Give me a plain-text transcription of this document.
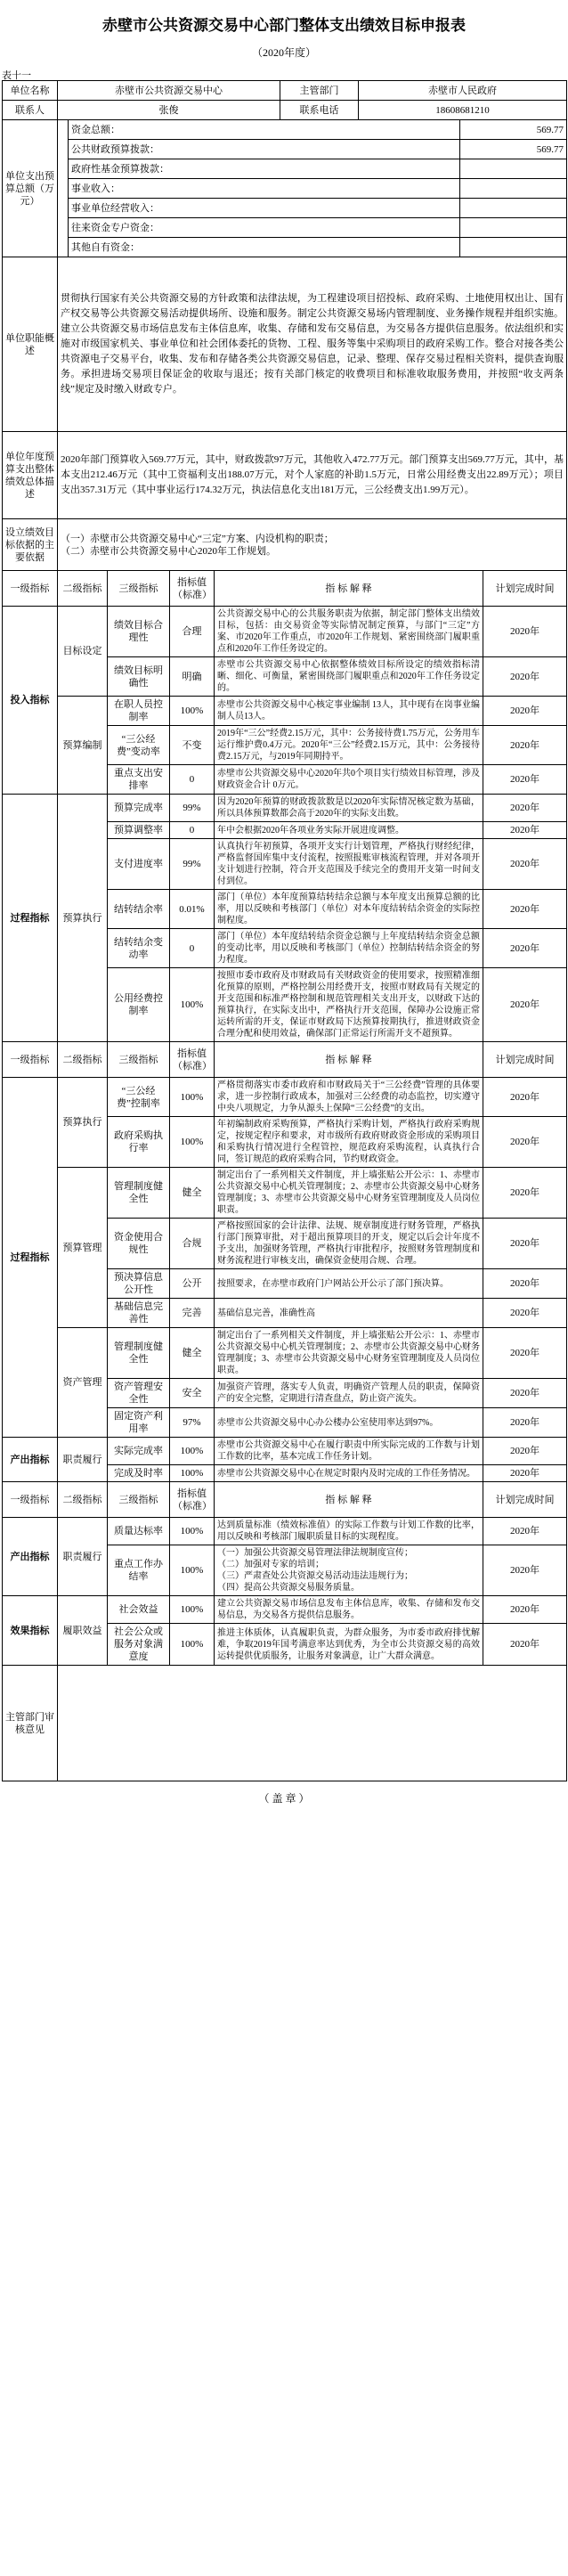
赤壁市公共资源交易中心部门整体支出绩效目标申报表
（2020年度）
表十一
单位名称	赤壁市公共资源交易中心	主管部门	赤壁市人民政府
联系人	张俊	联系电话	18608681210
单位支出预算总额（万元）		资金总额：	569.77
		公共财政预算拨款：	569.77
		政府性基金预算拨款：	
		事业收入：	
		事业单位经营收入：	
		往来资金专户资金：	
		其他自有资金：	
单位职能概述	贯彻执行国家有关公共资源交易的方针政策和法律法规，为工程建设项目招投标、政府采购、土地使用权出让、国有产权交易等公共资源交易活动提供场所、设施和服务。制定公共资源交易场内管理制度、业务操作规程并组织实施。建立公共资源交易市场信息发布主体信息库，收集、存储和发布交易信息，为交易各方提供信息服务。依法组织和实施对市级国家机关、事业单位和社会团体委托的货物、工程、服务等集中采购项目的政府采购工作。整合对接各类公共资源电子交易平台，收集、发布和存储各类公共资源交易信息，记录、整理、保存交易过程相关资料，提供查询服务。承担进场交易项目保证金的收取与退还；按有关部门核定的收费项目和标准收取服务费用，并按照“收支两条线”规定及时缴入财政专户。
单位年度预算支出整体绩效总体描述	2020年部门预算收入569.77万元，其中，财政拨款97万元，其他收入472.77万元。部门预算支出569.77万元，其中，基本支出212.46万元（其中工资福利支出188.07万元，对个人家庭的补助1.5万元，日常公用经费支出22.89万元）；项目支出357.31万元（其中事业运行174.32万元，执法信息化支出181万元，三公经费支出1.99万元）。
设立绩效目标依据的主要依据	（一）赤壁市公共资源交易中心“三定”方案、内设机构的职责；
（二）赤壁市公共资源交易中心2020年工作规划。
一级指标	二级指标	三级指标	指标值（标准）	指 标 解 释	计划完成时间
投入指标	目标设定	绩效目标合理性	合理	公共资源交易中心的公共服务职责为依据，制定部门整体支出绩效目标，包括：由交易资金等实际情况制定预算，与部门“三定”方案、市2020年工作重点，市2020年工作规划、紧密围绕部门履职重点和2020年工作任务设定的。	2020年
		绩效目标明确性	明确	赤壁市公共资源交易中心依据整体绩效目标所设定的绩效指标清晰、细化、可衡量，紧密围绕部门履职重点和2020年工作任务设定的。	2020年
	预算编制	在职人员控制率	100%	赤壁市公共资源交易中心核定事业编制 13人，其中现有在岗事业编制人员13人。	2020年
		“三公经费”变动率	不变	2019年“三公”经费2.15万元，其中：公务接待费1.75万元，公务用车运行维护费0.4万元。2020年“三公”经费2.15万元，其中：公务接待费2.15万元，与2019年同期持平。	2020年
		重点支出安排率	0	赤壁市公共资源交易中心2020年共0个项目实行绩效目标管理，涉及财政资金合计 0万元。	2020年
过程指标	预算执行	预算完成率	99%	因为2020年预算的财政拨款数是以2020年实际情况核定数为基础，所以具体预算数都会高于2020年的实际支出数。	2020年
		预算调整率	0	年中会根据2020年各项业务实际开展进度调整。	2020年
		支付进度率	99%	认真执行年初预算，各项开支实行计划管理，严格执行财经纪律，严格监督国库集中支付流程，按照报账审核流程管理，并对各项开支计划进行控制，符合开支范围及手续完全的费用开支第一时间支付到位。	2020年
		结转结余率	0.01%	部门（单位）本年度预算结转结余总额与本年度支出预算总额的比率，用以反映和考核部门（单位）对本年度结转结余资金的实际控制程度。	2020年
		结转结余变动率	0	部门（单位）本年度结转结余资金总额与上年度结转结余资金总额的变动比率，用以反映和考核部门（单位）控制结转结余资金的努力程度。	2020年
		公用经费控制率	100%	按照市委市政府及市财政局有关财政资金的使用要求，按照精准细化预算的原则，严格控制公用经费开支，按照市财政局有关规定的开支范围和标准严格控制和规范管理相关支出开支，以财政下达的预算执行，在实际支出中，严格执行开支范围，保障办公设施正常运转所需的开支，保证市财政局下达预算按期执行，推进财政资金合理分配和使用效益，确保部门正常运行所需开支不超预算。	2020年
一级指标	二级指标	三级指标	指标值（标准）	指 标 解 释	计划完成时间
过程指标	预算执行	“三公经费”控制率	100%	严格贯彻落实市委市政府和市财政局关于“三公经费”管理的具体要求，进一步控制行政成本，加强对三公经费的动态监控，切实遵守中央八项规定，力争从源头上保障“三公经费”的支出。	2020年
		政府采购执行率	100%	年初编制政府采购预算，严格执行采购计划，严格执行政府采购规定，按规定程序和要求，对市级所有政府财政资金形成的采购项目和采购执行情况进行全程管控，规范政府采购流程，认真执行合同，签订规范的政府采购合同，节约财政资金。	2020年
	预算管理	管理制度健全性	健全	制定出台了一系列相关文件制度，并上墙张贴公开公示：1、赤壁市公共资源交易中心机关管理制度；2、赤壁市公共资源交易中心财务管理制度；3、赤壁市公共资源交易中心财务室管理制度及人员岗位职责。	2020年
		资金使用合规性	合规	严格按照国家的会计法律、法规、规章制度进行财务管理，严格执行部门预算审批，对于超出预算项目的开支，规定以后会计年度不予支出，加强财务管理，严格执行审批程序，按照财务管理制度和财务流程进行审核支出，确保资金使用合规、合理。	2020年
		预决算信息公开性	公开	按照要求，在赤壁市政府门户网站公开公示了部门预决算。	2020年
		基础信息完善性	完善	基础信息完善，准确性高	2020年
	资产管理	管理制度健全性	健全	制定出台了一系列相关文件制度，并上墙张贴公开公示：1、赤壁市公共资源交易中心机关管理制度；2、赤壁市公共资源交易中心财务管理制度；3、赤壁市公共资源交易中心财务室管理制度及人员岗位职责。	2020年
		资产管理安全性	安全	加强资产管理，落实专人负责，明确资产管理人员的职责，保障资产的安全完整，定期进行清查盘点，防止资产流失。	2020年
		固定资产利用率	97%	赤壁市公共资源交易中心办公楼办公室使用率达到97%。	2020年
产出指标	职责履行	实际完成率	100%	赤壁市公共资源交易中心在履行职责中所实际完成的工作数与计划工作数的比率，基本完成工作任务计划。	2020年
		完成及时率	100%	赤壁市公共资源交易中心在规定时限内及时完成的工作任务情况。	2020年
一级指标	二级指标	三级指标	指标值（标准）	指 标 解 释	计划完成时间
产出指标	职责履行	质量达标率	100%	达到质量标准（绩效标准值）的实际工作数与计划工作数的比率，用以反映和考核部门履职质量目标的实现程度。	2020年
		重点工作办结率	100%	（一）加强公共资源交易管理法律法规制度宣传；
（二）加强对专家的培训；
（三）严肃查处公共资源交易活动违法违规行为；
（四）提高公共资源交易服务质量。	2020年
效果指标	履职效益	社会效益	100%	建立公共资源交易市场信息发布主体信息库，收集、存储和发布交易信息，为交易各方提供信息服务。	2020年
		社会公众或服务对象满意度	100%	推进主体质体，认真履职负责，为群众服务，为市委市政府排忧解难，争取2019年国考满意率达到优秀，为全市公共资源交易的高效运转提供优质服务，让服务对象满意，让广大群众满意。	2020年
主管部门审核意见					
（ 盖 章 ）
